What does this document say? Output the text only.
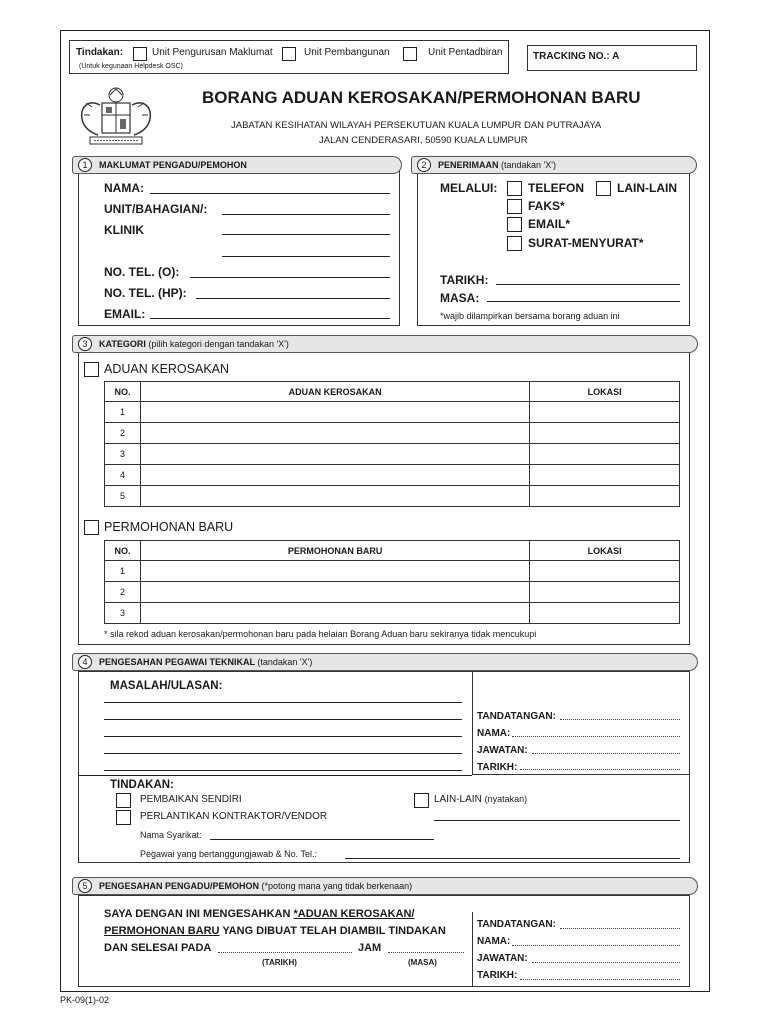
Tindakan:	Unit Pengurusan Maklumat	Unit Pembangunan	Unit Pentadbiran
(Untuk kegunaan Helpdesk OSC)
TRACKING NO.: A
BORANG ADUAN KEROSAKAN/PERMOHONAN BARU
JABATAN KESIHATAN WILAYAH PERSEKUTUAN KUALA LUMPUR DAN PUTRAJAYA
JALAN CENDERASARI, 50590 KUALA LUMPUR
1	MAKLUMAT PENGADU/PEMOHON
NAMA:
UNIT/BAHAGIAN/:
KLINIK
NO. TEL. (O):
NO. TEL. (HP):
EMAIL:
2	PENERIMAAN (tandakan 'X')
MELALUI:	TELEFON	LAIN-LAIN
FAKS*
EMAIL*
SURAT-MENYURAT*
TARIKH:
MASA:
*wajib dilampirkan bersama borang aduan ini
3	KATEGORI (pilih kategori dengan tandakan 'X')
ADUAN KEROSAKAN
NO.	ADUAN KEROSAKAN	LOKASI
1		
2		
3		
4		
5		
PERMOHONAN BARU
NO.	PERMOHONAN BARU	LOKASI
1		
2		
3		
* sila rekod aduan kerosakan/permohonan baru pada helaian Borang Aduan baru sekiranya tidak mencukupi
4	PENGESAHAN PEGAWAI TEKNIKAL (tandakan 'X')
MASALAH/ULASAN:
TANDATANGAN:
NAMA:
JAWATAN:
TARIKH:
TINDAKAN:
PEMBAIKAN SENDIRI
PERLANTIKAN KONTRAKTOR/VENDOR
LAIN-LAIN (nyatakan)
Nama Syarikat:
Pegawai yang bertanggungjawab & No. Tel.:
5	PENGESAHAN PENGADU/PEMOHON (*potong mana yang tidak berkenaan)
SAYA DENGAN INI MENGESAHKAN *ADUAN KEROSAKAN/
PERMOHONAN BARU YANG DIBUAT TELAH DIAMBIL TINDAKAN
DAN SELESAI PADA	JAM
(TARIKH)	(MASA)
TANDATANGAN:
NAMA:
JAWATAN:
TARIKH:
PK-09(1)-02
